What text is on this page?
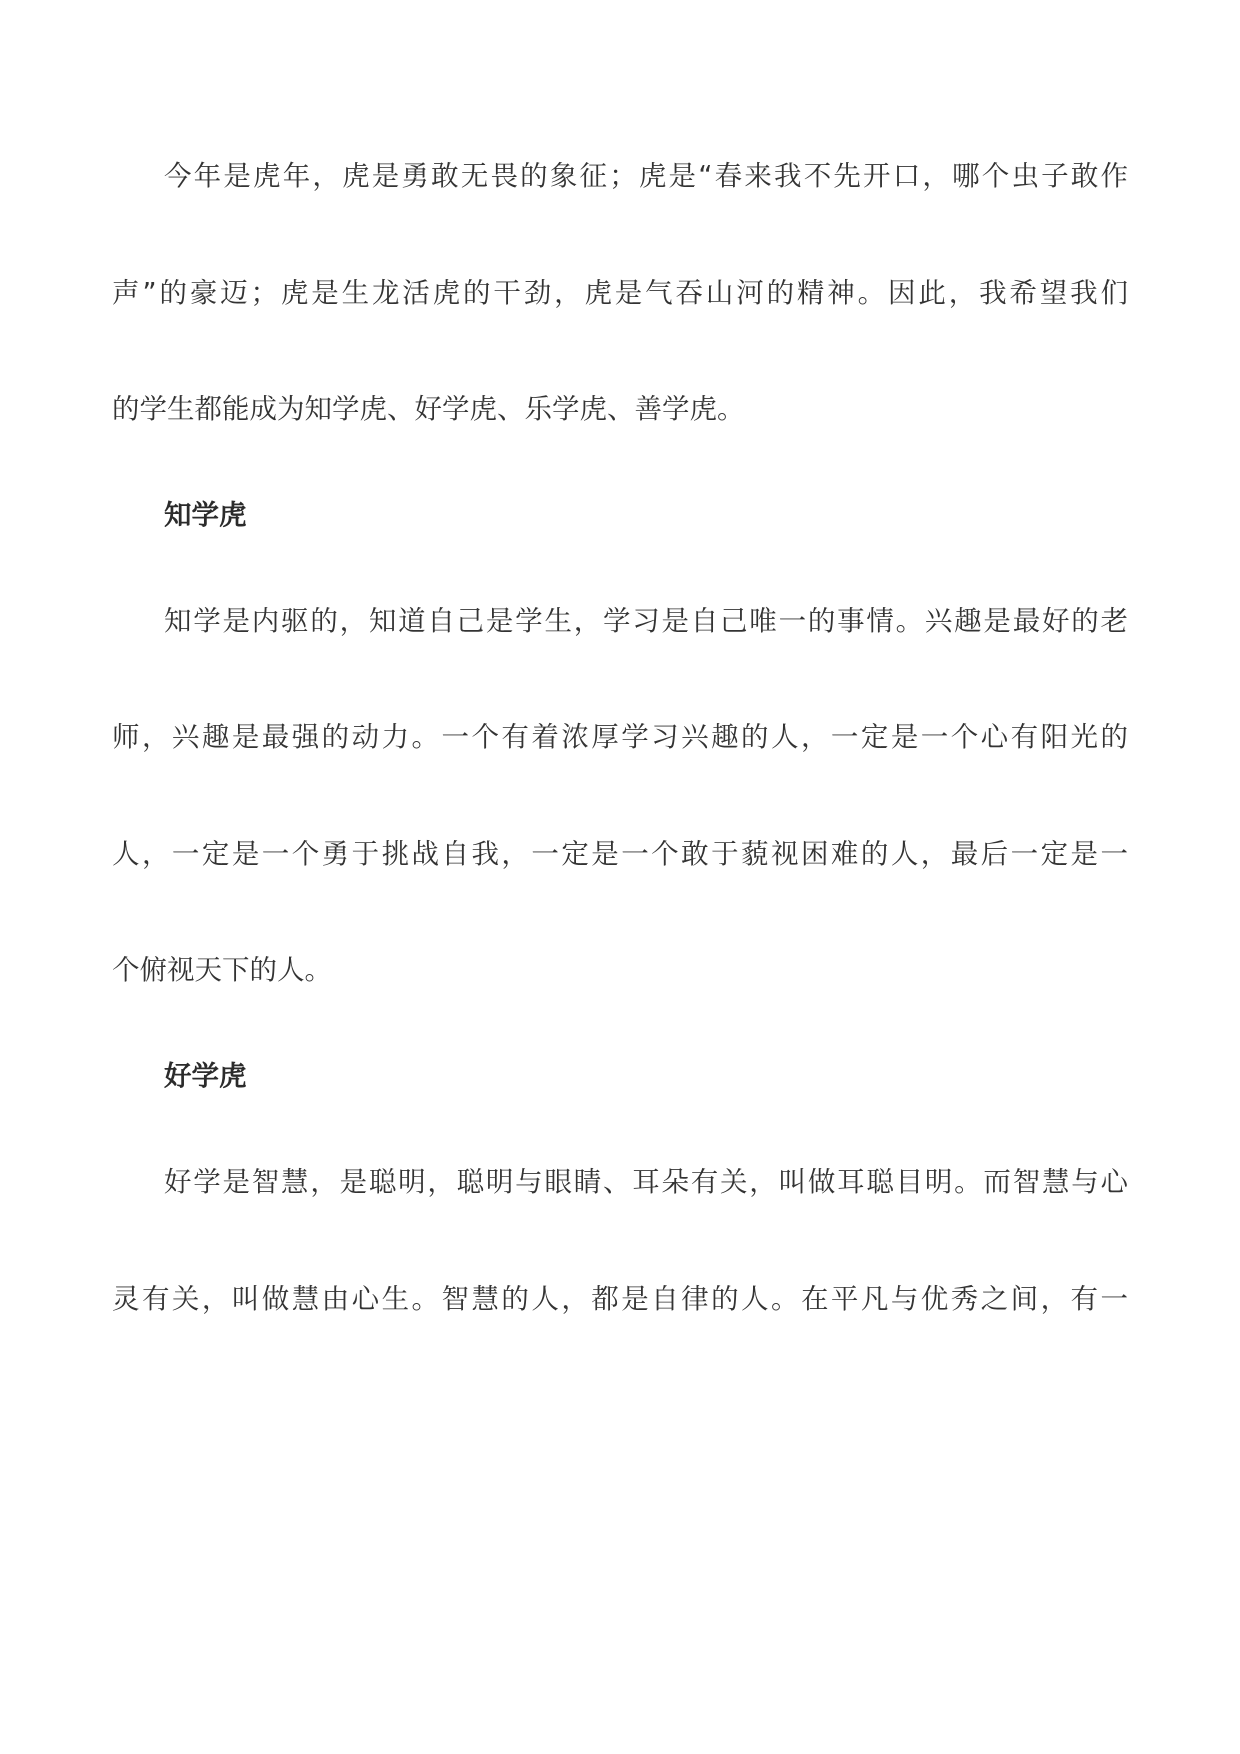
今年是虎年，虎是勇敢无畏的象征；虎是“春来我不先开口，哪个虫子敢作
声”的豪迈；虎是生龙活虎的干劲，虎是气吞山河的精神。因此，我希望我们
的学生都能成为知学虎、好学虎、乐学虎、善学虎。
知学虎
知学是内驱的，知道自己是学生，学习是自己唯一的事情。兴趣是最好的老
师，兴趣是最强的动力。一个有着浓厚学习兴趣的人，一定是一个心有阳光的
人，一定是一个勇于挑战自我，一定是一个敢于藐视困难的人，最后一定是一
个俯视天下的人。
好学虎
好学是智慧，是聪明，聪明与眼睛、耳朵有关，叫做耳聪目明。而智慧与心
灵有关，叫做慧由心生。智慧的人，都是自律的人。在平凡与优秀之间，有一
